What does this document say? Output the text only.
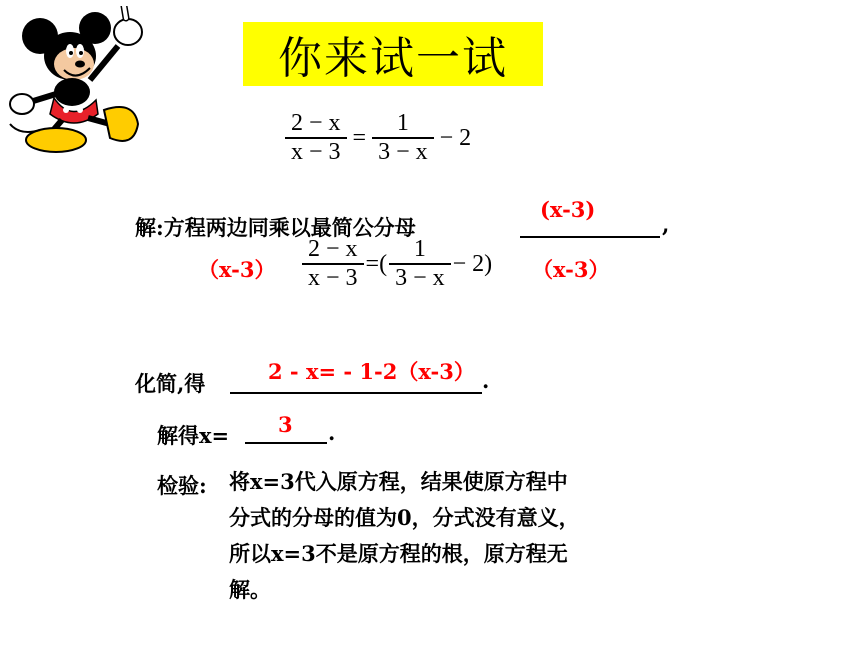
你来试一试
$\frac{2 - x}{x - 3} = \frac{1}{3 - x} - 2$
解:方程两边同乘以最简公分母
(x-3)
,
$(x-3) \frac{2 - x}{x - 3}$ =( $\frac{1}{3 - x} - 2$) （x-3）
化简,得	2 - x= - 1-2（x-3） .
解得x= 3 .
检验: 将x=3代入原方程，结果使原方程中
分式的分母的值为0，分式没有意义，
所以x=3不是原方程的根，原方程无
解。
